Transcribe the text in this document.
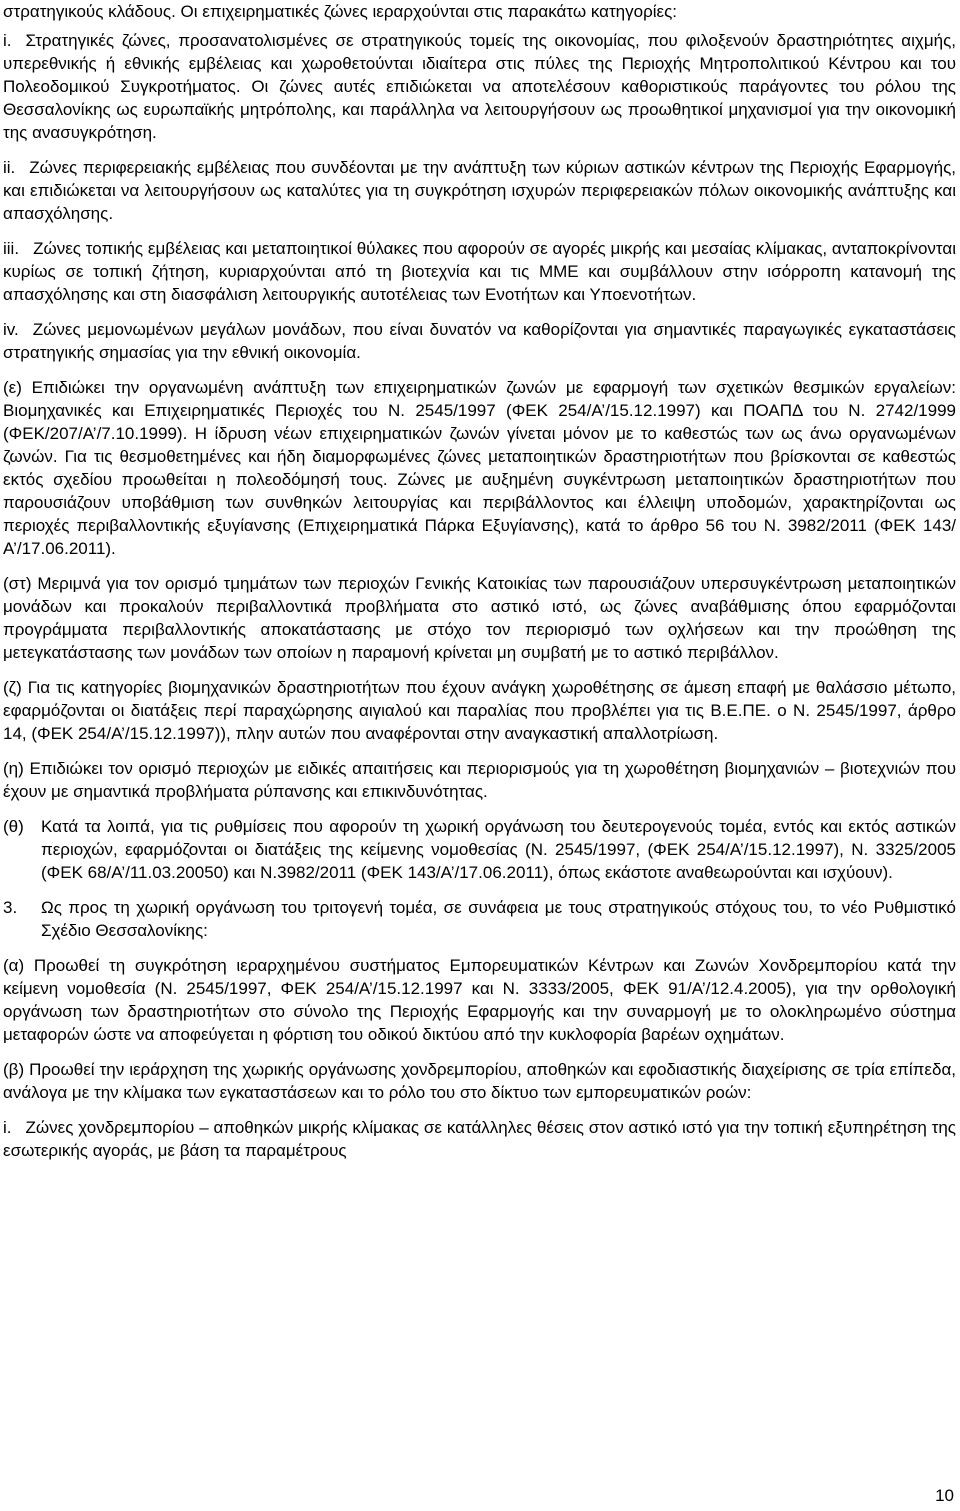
στρατηγικούς κλάδους. Οι επιχειρηματικές ζώνες ιεραρχούνται στις παρακάτω κατηγορίες:
i. Στρατηγικές ζώνες, προσανατολισμένες σε στρατηγικούς τομείς της οικονομίας, που φιλοξενούν δραστηριότητες αιχμής, υπερεθνικής ή εθνικής εμβέλειας και χωροθετούνται ιδιαίτερα στις πύλες της Περιοχής Μητροπολιτικού Κέντρου και του Πολεοδομικού Συγκροτήματος. Οι ζώνες αυτές επιδιώκεται να αποτελέσουν καθοριστικούς παράγοντες του ρόλου της Θεσσαλονίκης ως ευρωπαϊκής μητρόπολης, και παράλληλα να λειτουργήσουν ως προωθητικοί μηχανισμοί για την οικονομική της ανασυγκρότηση.
ii. Ζώνες περιφερειακής εμβέλειας που συνδέονται με την ανάπτυξη των κύριων αστικών κέντρων της Περιοχής Εφαρμογής, και επιδιώκεται να λειτουργήσουν ως καταλύτες για τη συγκρότηση ισχυρών περιφερειακών πόλων οικονομικής ανάπτυξης και απασχόλησης.
iii. Ζώνες τοπικής εμβέλειας και μεταποιητικοί θύλακες που αφορούν σε αγορές μικρής και μεσαίας κλίμακας, ανταποκρίνονται κυρίως σε τοπική ζήτηση, κυριαρχούνται από τη βιοτεχνία και τις ΜΜΕ και συμβάλλουν στην ισόρροπη κατανομή της απασχόλησης και στη διασφάλιση λειτουργικής αυτοτέλειας των Ενοτήτων και Υποενοτήτων.
iv. Ζώνες μεμονωμένων μεγάλων μονάδων, που είναι δυνατόν να καθορίζονται για σημαντικές παραγωγικές εγκαταστάσεις στρατηγικής σημασίας για την εθνική οικονομία.
(ε) Επιδιώκει την οργανωμένη ανάπτυξη των επιχειρηματικών ζωνών με εφαρμογή των σχετικών θεσμικών εργαλείων: Βιομηχανικές και Επιχειρηματικές Περιοχές του Ν. 2545/1997 (ΦΕΚ 254/Α’/15.12.1997) και ΠΟΑΠΔ του Ν. 2742/1999 (ΦΕΚ/207/Α’/7.10.1999). Η ίδρυση νέων επιχειρηματικών ζωνών γίνεται μόνον με το καθεστώς των ως άνω οργανωμένων ζωνών. Για τις θεσμοθετημένες και ήδη διαμορφωμένες ζώνες μεταποιητικών δραστηριοτήτων που βρίσκονται σε καθεστώς εκτός σχεδίου προωθείται η πολεοδόμησή τους. Ζώνες με αυξημένη συγκέντρωση μεταποιητικών δραστηριοτήτων που παρουσιάζουν υποβάθμιση των συνθηκών λειτουργίας και περιβάλλοντος και έλλειψη υποδομών, χαρακτηρίζονται ως περιοχές περιβαλλοντικής εξυγίανσης (Επιχειρηματικά Πάρκα Εξυγίανσης), κατά το άρθρο 56 του Ν. 3982/2011 (ΦΕΚ 143/Α’/17.06.2011).
(στ) Μεριμνά για τον ορισμό τμημάτων των περιοχών Γενικής Κατοικίας των παρουσιάζουν υπερσυγκέντρωση μεταποιητικών μονάδων και προκαλούν περιβαλλοντικά προβλήματα στο αστικό ιστό, ως ζώνες αναβάθμισης όπου εφαρμόζονται προγράμματα περιβαλλοντικής αποκατάστασης με στόχο τον περιορισμό των οχλήσεων και την προώθηση της μετεγκατάστασης των μονάδων των οποίων η παραμονή κρίνεται μη συμβατή με το αστικό περιβάλλον.
(ζ) Για τις κατηγορίες βιομηχανικών δραστηριοτήτων που έχουν ανάγκη χωροθέτησης σε άμεση επαφή με θαλάσσιο μέτωπο, εφαρμόζονται οι διατάξεις περί παραχώρησης αιγιαλού και παραλίας που προβλέπει για τις Β.Ε.ΠΕ. ο Ν. 2545/1997, άρθρο 14, (ΦΕΚ 254/Α’/15.12.1997)), πλην αυτών που αναφέρονται στην αναγκαστική απαλλοτρίωση.
(η) Επιδιώκει τον ορισμό περιοχών με ειδικές απαιτήσεις και περιορισμούς για τη χωροθέτηση βιομηχανιών – βιοτεχνιών που έχουν με σημαντικά προβλήματα ρύπανσης και επικινδυνότητας.
(θ) Κατά τα λοιπά, για τις ρυθμίσεις που αφορούν τη χωρική οργάνωση του δευτερογενούς τομέα, εντός και εκτός αστικών περιοχών, εφαρμόζονται οι διατάξεις της κείμενης νομοθεσίας (Ν. 2545/1997, (ΦΕΚ 254/Α’/15.12.1997), Ν. 3325/2005 (ΦΕΚ 68/Α’/11.03.20050) και Ν.3982/2011 (ΦΕΚ 143/Α’/17.06.2011), όπως εκάστοτε αναθεωρούνται και ισχύουν).
3. Ως προς τη χωρική οργάνωση του τριτογενή τομέα, σε συνάφεια με τους στρατηγικούς στόχους του, το νέο Ρυθμιστικό Σχέδιο Θεσσαλονίκης:
(α) Προωθεί τη συγκρότηση ιεραρχημένου συστήματος Εμπορευματικών Κέντρων και Ζωνών Χονδρεμπορίου κατά την κείμενη νομοθεσία (Ν. 2545/1997, ΦΕΚ 254/Α’/15.12.1997 και Ν. 3333/2005, ΦΕΚ 91/Α’/12.4.2005), για την ορθολογική οργάνωση των δραστηριοτήτων στο σύνολο της Περιοχής Εφαρμογής και την συναρμογή με το ολοκληρωμένο σύστημα μεταφορών ώστε να αποφεύγεται η φόρτιση του οδικού δικτύου από την κυκλοφορία βαρέων οχημάτων.
(β) Προωθεί την ιεράρχηση της χωρικής οργάνωσης χονδρεμπορίου, αποθηκών και εφοδιαστικής διαχείρισης σε τρία επίπεδα, ανάλογα με την κλίμακα των εγκαταστάσεων και το ρόλο του στο δίκτυο των εμπορευματικών ροών:
i. Ζώνες χονδρεμπορίου – αποθηκών μικρής κλίμακας σε κατάλληλες θέσεις στον αστικό ιστό για την τοπική εξυπηρέτηση της εσωτερικής αγοράς, με βάση τα παραμέτρους
10
